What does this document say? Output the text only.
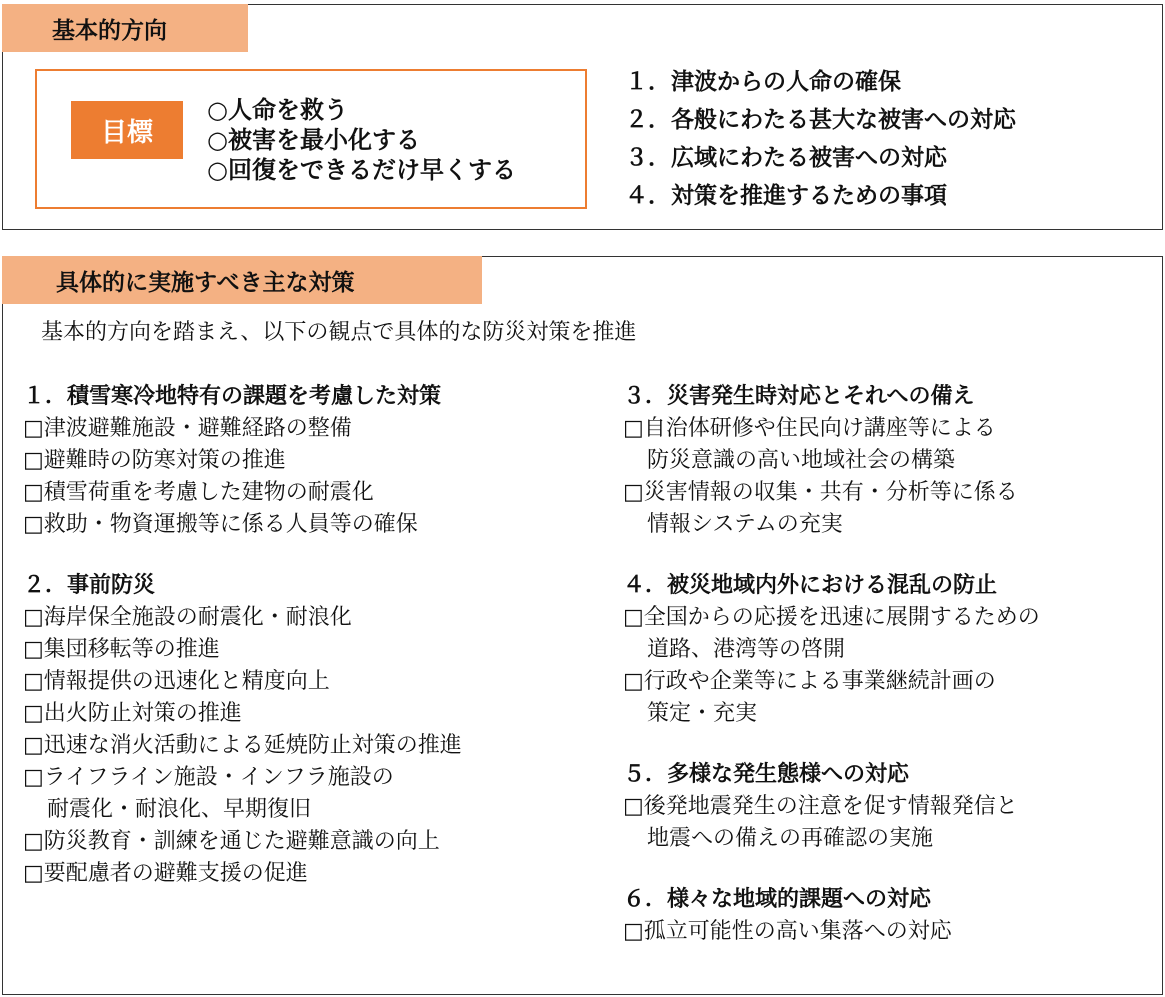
基本的方向
目標
○人命を救う
○被害を最小化する
○回復をできるだけ早くする
１．津波からの人命の確保
２．各般にわたる甚大な被害への対応
３．広域にわたる被害への対応
４．対策を推進するための事項
具体的に実施すべき主な対策
基本的方向を踏まえ、以下の観点で具体的な防災対策を推進
１．積雪寒冷地特有の課題を考慮した対策
□津波避難施設・避難経路の整備
□避難時の防寒対策の推進
□積雪荷重を考慮した建物の耐震化
□救助・物資運搬等に係る人員等の確保
２．事前防災
□海岸保全施設の耐震化・耐浪化
□集団移転等の推進
□情報提供の迅速化と精度向上
□出火防止対策の推進
□迅速な消火活動による延焼防止対策の推進
□ライフライン施設・インフラ施設の
耐震化・耐浪化、早期復旧
□防災教育・訓練を通じた避難意識の向上
□要配慮者の避難支援の促進
３．災害発生時対応とそれへの備え
□自治体研修や住民向け講座等による
防災意識の高い地域社会の構築
□災害情報の収集・共有・分析等に係る
情報システムの充実
４．被災地域内外における混乱の防止
□全国からの応援を迅速に展開するための
道路、港湾等の啓開
□行政や企業等による事業継続計画の
策定・充実
５．多様な発生態様への対応
□後発地震発生の注意を促す情報発信と
地震への備えの再確認の実施
６．様々な地域的課題への対応
□孤立可能性の高い集落への対応
